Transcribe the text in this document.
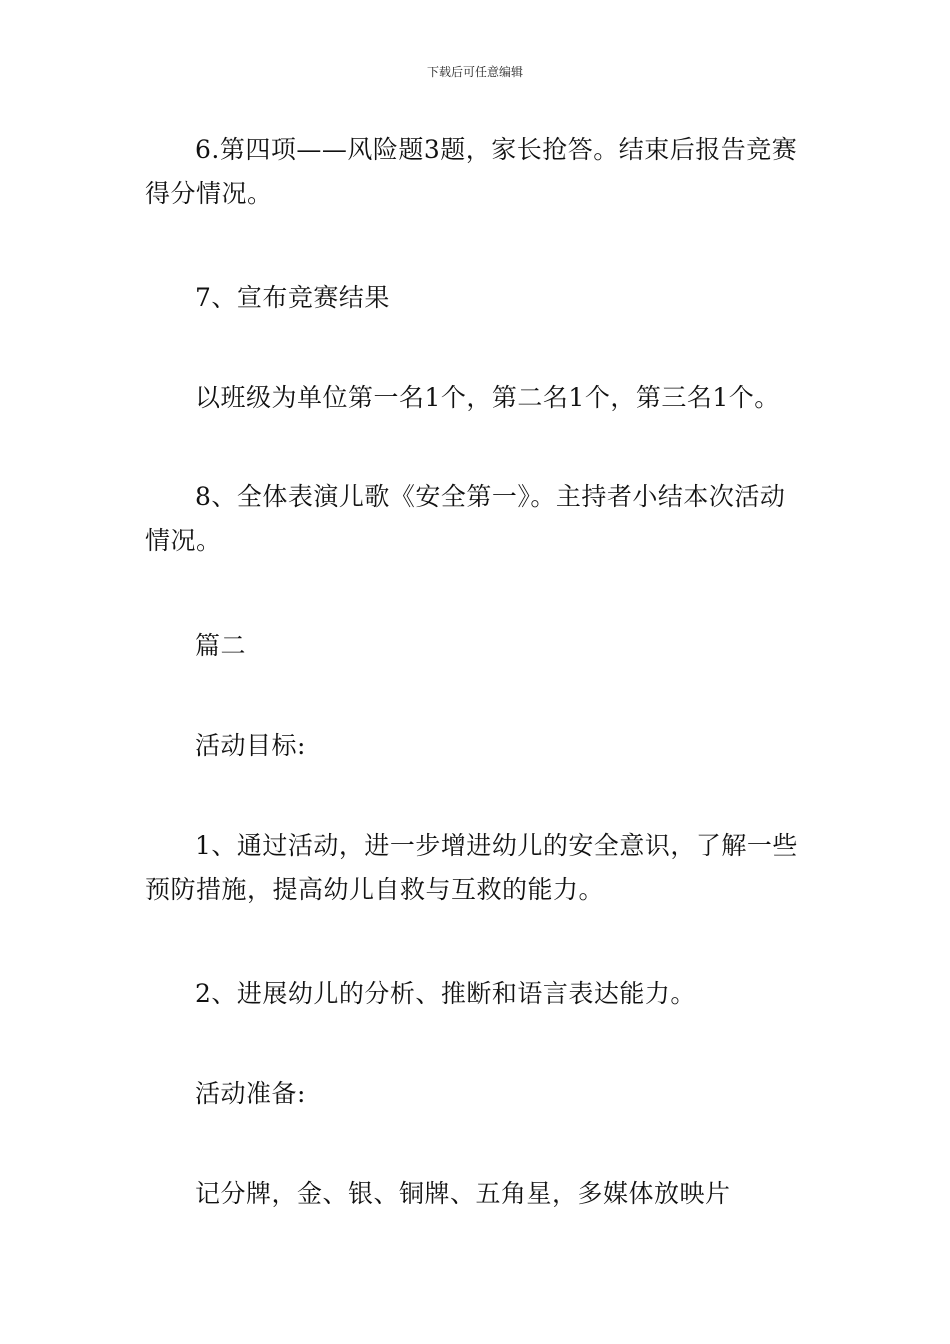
下载后可任意编辑

6.第四项——风险题3题，家长抢答。结束后报告竞赛得分情况。

7、宣布竞赛结果

以班级为单位第一名1个，第二名1个，第三名1个。

8、全体表演儿歌《安全第一》。主持者小结本次活动情况。

篇二

活动目标:

1、通过活动，进一步增进幼儿的安全意识，了解一些预防措施，提高幼儿自救与互救的能力。

2、进展幼儿的分析、推断和语言表达能力。

活动准备:

记分牌，金、银、铜牌、五角星，多媒体放映片
